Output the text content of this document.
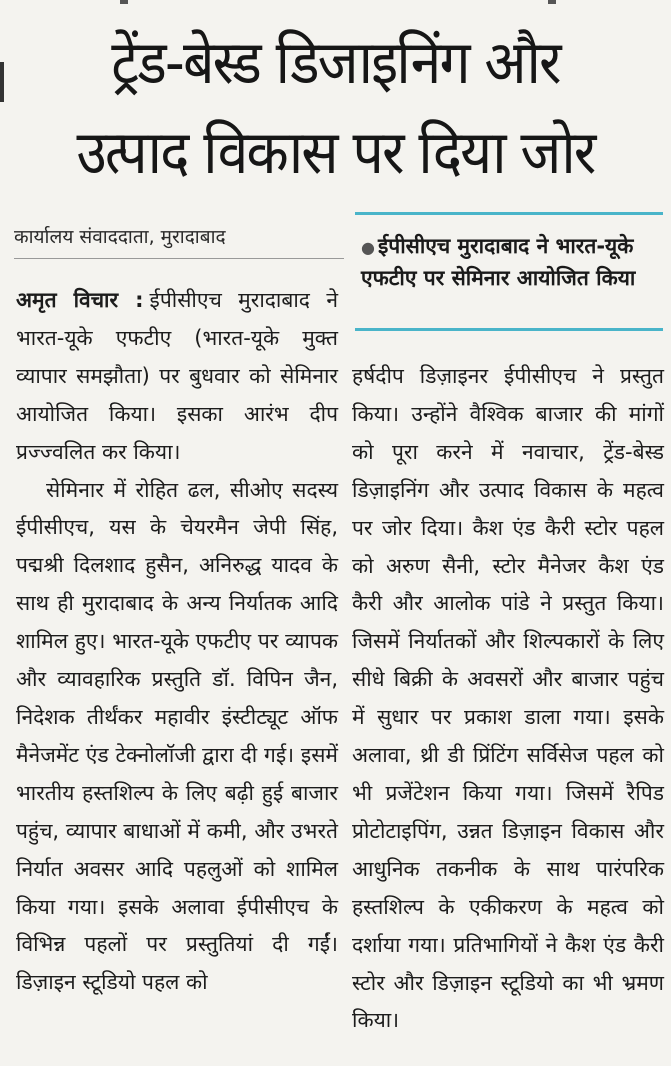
ट्रेंड-बेस्ड डिजाइनिंग और
उत्पाद विकास पर दिया जोर
कार्यालय संवाददाता, मुरादाबाद	● ईपीसीएच मुरादाबाद ने भारत-यूके एफटीए पर सेमिनार आयोजित किया

अमृत विचार : ईपीसीएच मुरादाबाद ने भारत-यूके एफटीए (भारत-यूके मुक्त व्यापार समझौता) पर बुधवार को सेमिनार आयोजित किया। इसका आरंभ दीप प्रज्ज्वलित कर किया।

सेमिनार में रोहित ढल, सीओए सदस्य ईपीसीएच, यस के चेयरमैन जेपी सिंह, पद्मश्री दिलशाद हुसैन, अनिरुद्ध यादव के साथ ही मुरादाबाद के अन्य निर्यातक आदि शामिल हुए। भारत-यूके एफटीए पर व्यापक और व्यावहारिक प्रस्तुति डॉ. विपिन जैन, निदेशक तीर्थंकर महावीर इंस्टीट्यूट ऑफ मैनेजमेंट एंड टेक्नोलॉजी द्वारा दी गई। इसमें भारतीय हस्तशिल्प के लिए बढ़ी हुई बाजार पहुंच, व्यापार बाधाओं में कमी, और उभरते निर्यात अवसर आदि पहलुओं को शामिल किया गया। इसके अलावा ईपीसीएच के विभिन्न पहलों पर प्रस्तुतियां दी गईं। डिज़ाइन स्टूडियो पहल को

हर्षदीप डिज़ाइनर ईपीसीएच ने प्रस्तुत किया। उन्होंने वैश्विक बाजार की मांगों को पूरा करने में नवाचार, ट्रेंड-बेस्ड डिज़ाइनिंग और उत्पाद विकास के महत्व पर जोर दिया। कैश एंड कैरी स्टोर पहल को अरुण सैनी, स्टोर मैनेजर कैश एंड कैरी और आलोक पांडे ने प्रस्तुत किया। जिसमें निर्यातकों और शिल्पकारों के लिए सीधे बिक्री के अवसरों और बाजार पहुंच में सुधार पर प्रकाश डाला गया। इसके अलावा, थ्री डी प्रिंटिंग सर्विसेज पहल को भी प्रजेंटेशन किया गया। जिसमें रैपिड प्रोटोटाइपिंग, उन्नत डिज़ाइन विकास और आधुनिक तकनीक के साथ पारंपरिक हस्तशिल्प के एकीकरण के महत्व को दर्शाया गया। प्रतिभागियों ने कैश एंड कैरी स्टोर और डिज़ाइन स्टूडियो का भी भ्रमण किया।
